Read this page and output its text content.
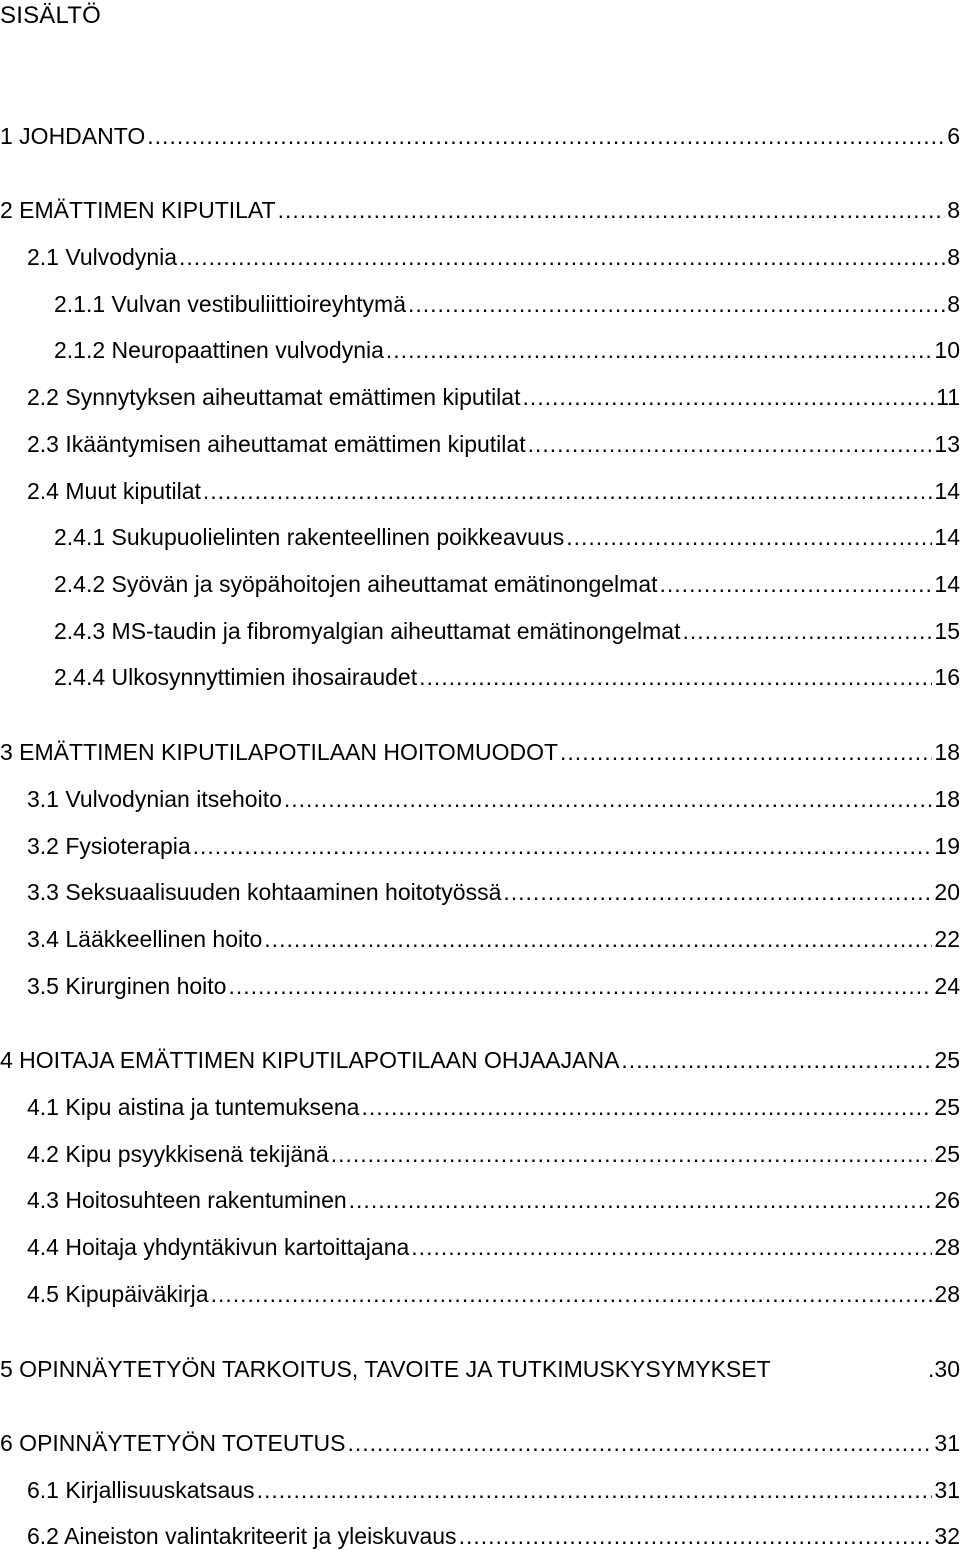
SISÄLTÖ
1 JOHDANTO .....	6
2 EMÄTTIMEN KIPUTILAT .....	8
2.1 Vulvodynia .....	8
2.1.1 Vulvan vestibuliittioireyhtymä .....	8
2.1.2 Neuropaattinen vulvodynia .....	10
2.2 Synnytyksen aiheuttamat emättimen kiputilat .....	11
2.3 Ikääntymisen aiheuttamat emättimen kiputilat .....	13
2.4 Muut kiputilat .....	14
2.4.1 Sukupuolielinten rakenteellinen poikkeavuus .....	14
2.4.2 Syövän ja syöpähoitojen aiheuttamat emätinongelmat .....	14
2.4.3 MS-taudin ja fibromyalgian aiheuttamat emätinongelmat .....	15
2.4.4 Ulkosynnyttimien ihosairaudet .....	16
3 EMÄTTIMEN KIPUTILAPOTILAAN HOITOMUODOT .....	18
3.1 Vulvodynian itsehoito .....	18
3.2 Fysioterapia .....	19
3.3 Seksuaalisuuden kohtaaminen hoitotyössä .....	20
3.4 Lääkkeellinen hoito .....	22
3.5 Kirurginen hoito .....	24
4 HOITAJA EMÄTTIMEN KIPUTILAPOTILAAN OHJAAJANA .....	25
4.1 Kipu aistina ja tuntemuksena .....	25
4.2 Kipu psyykkisenä tekijänä .....	25
4.3 Hoitosuhteen rakentuminen .....	26
4.4 Hoitaja yhdyntäkivun kartoittajana .....	28
4.5 Kipupäiväkirja .....	28
5 OPINNÄYTETYÖN TARKOITUS, TAVOITE JA TUTKIMUSKYSYMYKSET	.30
6 OPINNÄYTETYÖN TOTEUTUS .....	31
6.1 Kirjallisuuskatsaus .....	31
6.2 Aineiston valintakriteerit ja yleiskuvaus .....	32
